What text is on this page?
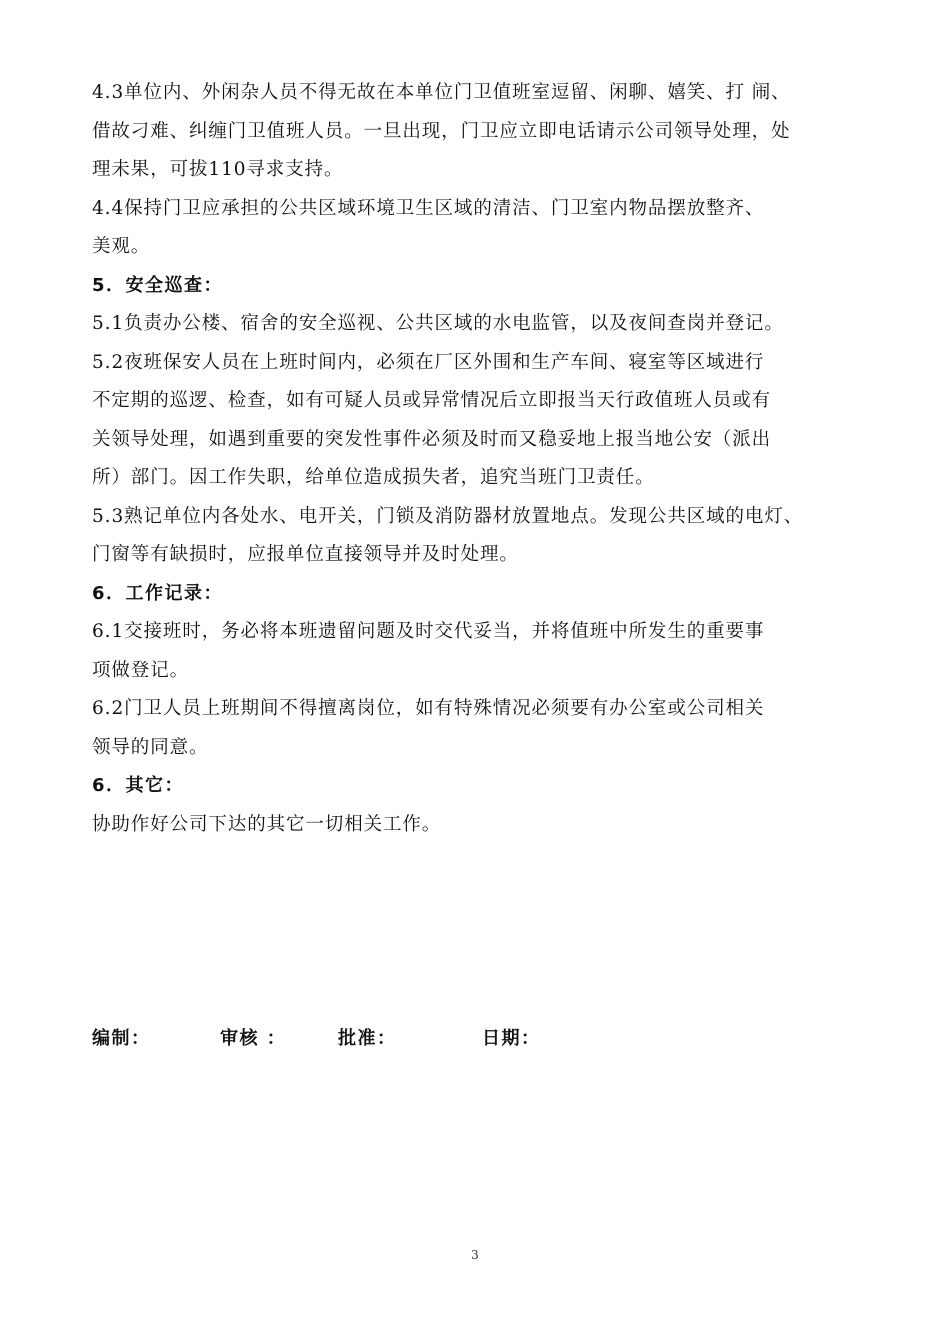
4.3单位内、外闲杂人员不得无故在本单位门卫值班室逗留、闲聊、嬉笑、打 闹、
借故刁难、纠缠门卫值班人员。一旦出现，门卫应立即电话请示公司领导处理，处
理未果，可拔110寻求支持。
4.4保持门卫应承担的公共区域环境卫生区域的清洁、门卫室内物品摆放整齐、
美观。
5．安全巡查：
5.1负责办公楼、宿舍的安全巡视、公共区域的水电监管，以及夜间查岗并登记。
5.2夜班保安人员在上班时间内，必须在厂区外围和生产车间、寝室等区域进行
不定期的巡逻、检查，如有可疑人员或异常情况后立即报当天行政值班人员或有
关领导处理，如遇到重要的突发性事件必须及时而又稳妥地上报当地公安（派出
所）部门。因工作失职，给单位造成损失者，追究当班门卫责任。
5.3熟记单位内各处水、电开关，门锁及消防器材放置地点。发现公共区域的电灯、
门窗等有缺损时，应报单位直接领导并及时处理。
6．工作记录：
6.1交接班时，务必将本班遗留问题及时交代妥当，并将值班中所发生的重要事
项做登记。
6.2门卫人员上班期间不得擅离岗位，如有特殊情况必须要有办公室或公司相关
领导的同意。
6．其它：
协助作好公司下达的其它一切相关工作。
编制：	审核 ：	批准：	日期：
3
